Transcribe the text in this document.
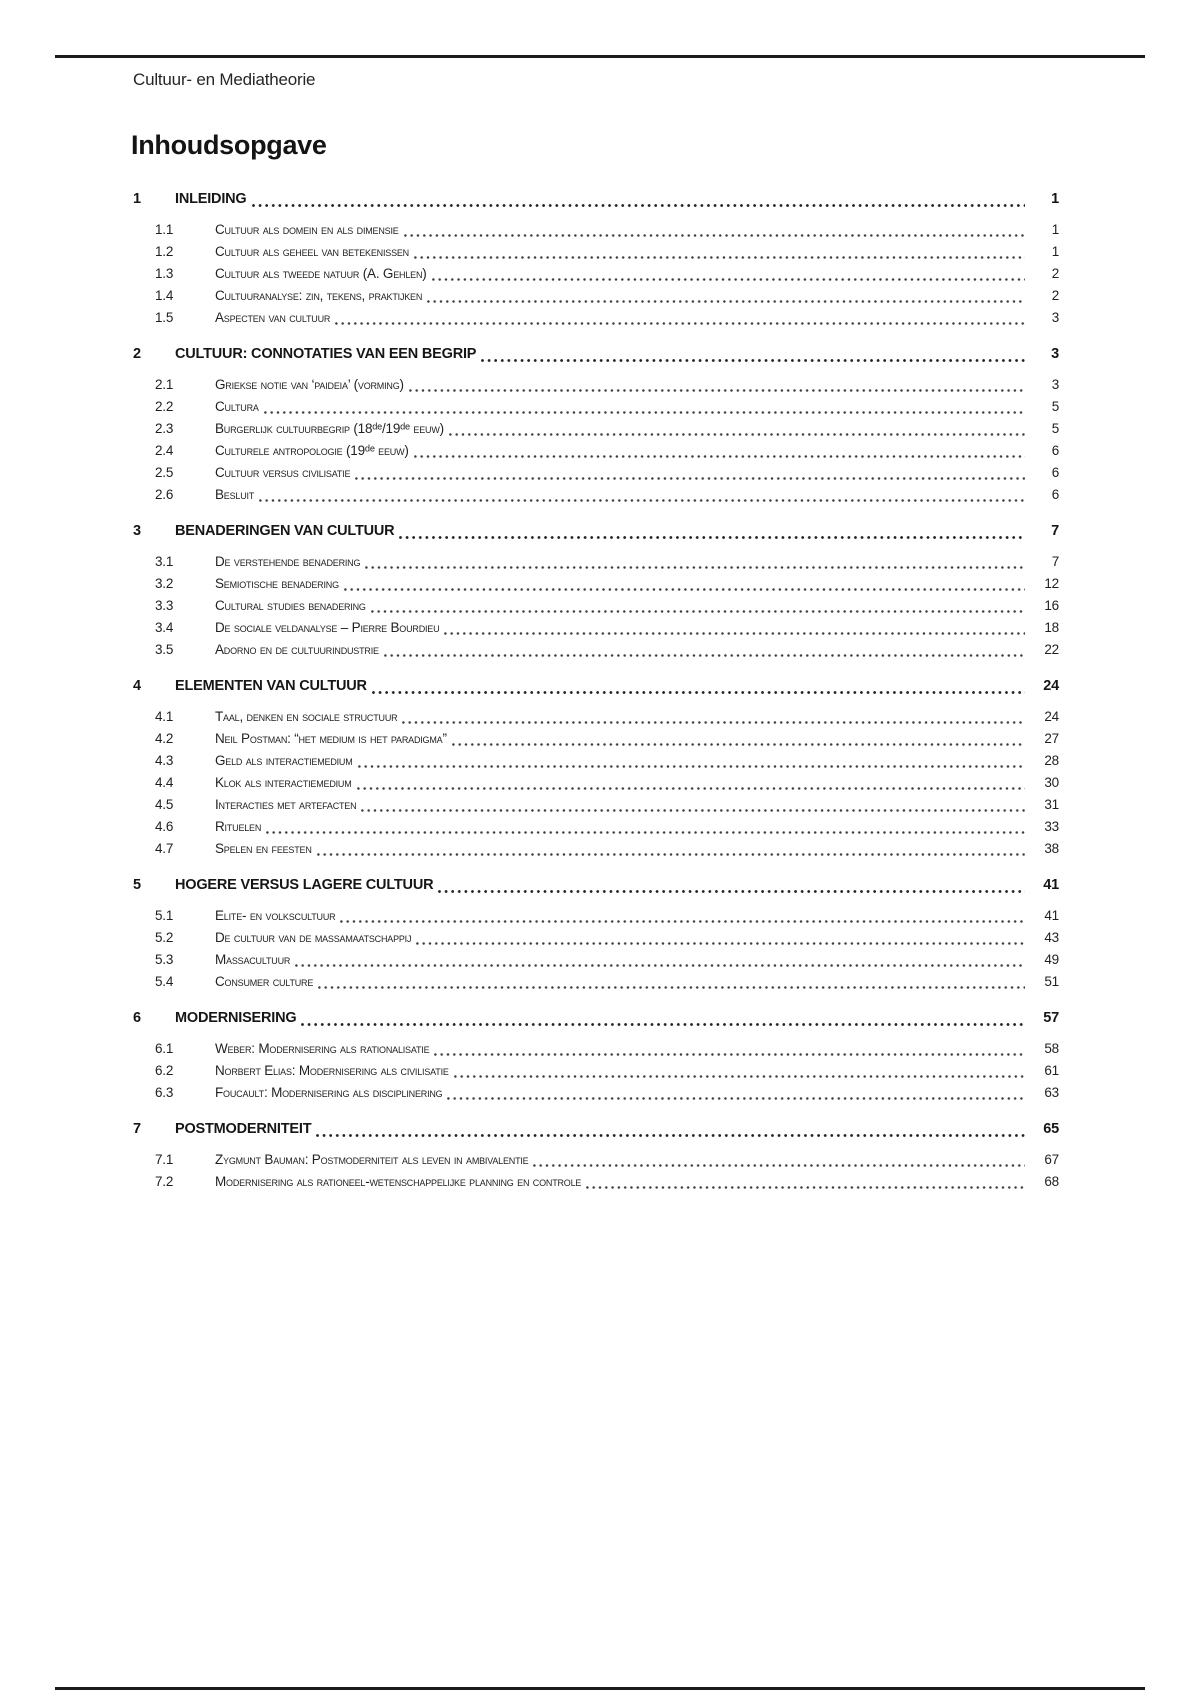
Cultuur- en Mediatheorie
Inhoudsopgave
1	INLEIDING	1
1.1	Cultuur als domein en als dimensie	1
1.2	Cultuur als geheel van betekenissen	1
1.3	Cultuur als tweede natuur (A. Gehlen)	2
1.4	Cultuuranalyse: zin, tekens, praktijken	2
1.5	Aspecten van cultuur	3
2	CULTUUR: CONNOTATIES VAN EEN BEGRIP	3
2.1	Griekse notie van ‘paideia’ (vorming)	3
2.2	Cultura	5
2.3	Burgerlijk cultuurbegrip (18ᵈᵉ/19ᵈᵉ eeuw)	5
2.4	Culturele antropologie (19ᵈᵉ eeuw)	6
2.5	Cultuur versus civilisatie	6
2.6	Besluit	6
3	BENADERINGEN VAN CULTUUR	7
3.1	De verstehende benadering	7
3.2	Semiotische benadering	12
3.3	Cultural studies benadering	16
3.4	De sociale veldanalyse – Pierre Bourdieu	18
3.5	Adorno en de cultuurindustrie	22
4	ELEMENTEN VAN CULTUUR	24
4.1	Taal, denken en sociale structuur	24
4.2	Neil Postman: “het medium is het paradigma”	27
4.3	Geld als interactiemedium	28
4.4	Klok als interactiemedium	30
4.5	Interacties met artefacten	31
4.6	Rituelen	33
4.7	Spelen en feesten	38
5	HOGERE VERSUS LAGERE CULTUUR	41
5.1	Elite- en volkscultuur	41
5.2	De cultuur van de massamaatschappij	43
5.3	Massacultuur	49
5.4	Consumer culture	51
6	MODERNISERING	57
6.1	Weber: Modernisering als rationalisatie	58
6.2	Norbert Elias: Modernisering als civilisatie	61
6.3	Foucault: Modernisering als disciplinering	63
7	POSTMODERNITEIT	65
7.1	Zygmunt Bauman: Postmoderniteit als leven in ambivalentie	67
7.2	Modernisering als rationeel-wetenschappelijke planning en controle	68
